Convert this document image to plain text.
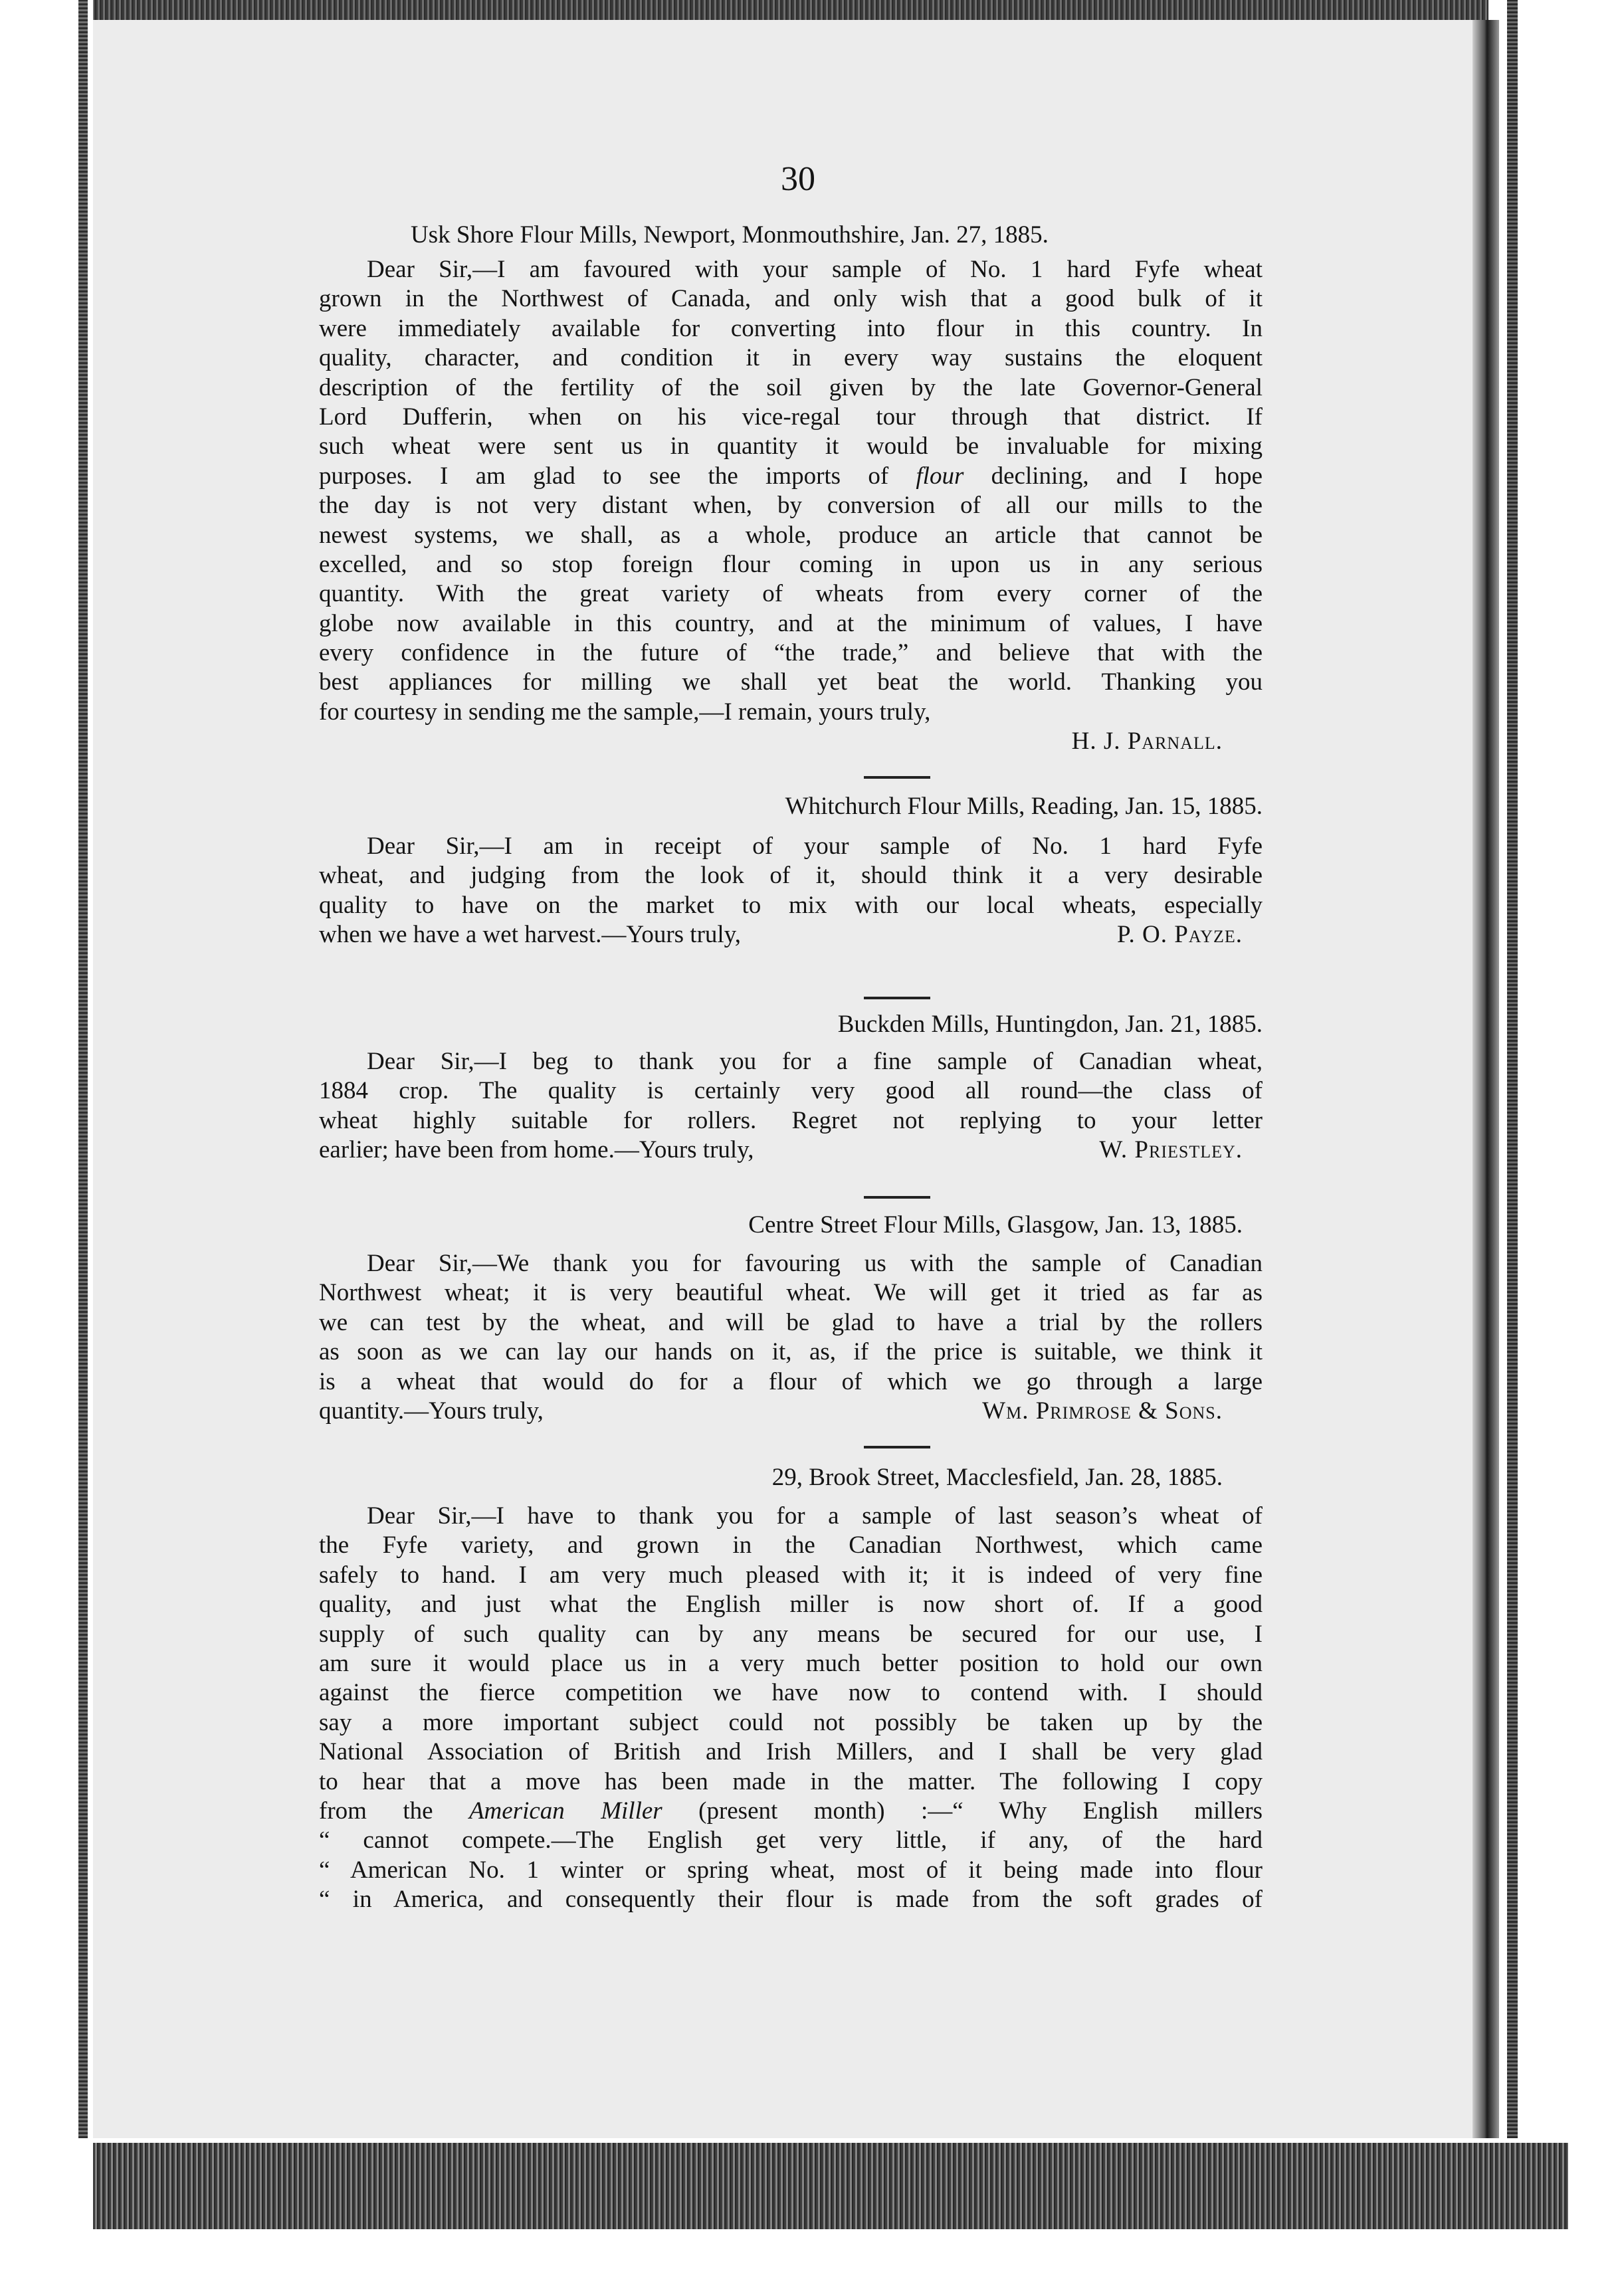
30
Usk Shore Flour Mills, Newport, Monmouthshire, Jan. 27, 1885.
Dear Sir,—I am favoured with your sample of No. 1 hard Fyfe wheat
grown in the Northwest of Canada, and only wish that a good bulk of it
were immediately available for converting into flour in this country. In
quality, character, and condition it in every way sustains the eloquent
description of the fertility of the soil given by the late Governor-General
Lord Dufferin, when on his vice-regal tour through that district. If
such wheat were sent us in quantity it would be invaluable for mixing
purposes. I am glad to see the imports of flour declining, and I hope
the day is not very distant when, by conversion of all our mills to the
newest systems, we shall, as a whole, produce an article that cannot be
excelled, and so stop foreign flour coming in upon us in any serious
quantity. With the great variety of wheats from every corner of the
globe now available in this country, and at the minimum of values, I have
every confidence in the future of “the trade,” and believe that with the
best appliances for milling we shall yet beat the world. Thanking you
for courtesy in sending me the sample,—I remain, yours truly,
H. J. Parnall.
Whitchurch Flour Mills, Reading, Jan. 15, 1885.
Dear Sir,—I am in receipt of your sample of No. 1 hard Fyfe
wheat, and judging from the look of it, should think it a very desirable
quality to have on the market to mix with our local wheats, especially
when we have a wet harvest.—Yours truly,	P. O. Payze.
Buckden Mills, Huntingdon, Jan. 21, 1885.
Dear Sir,—I beg to thank you for a fine sample of Canadian wheat,
1884 crop. The quality is certainly very good all round—the class of
wheat highly suitable for rollers. Regret not replying to your letter
earlier; have been from home.—Yours truly,	W. Priestley.
Centre Street Flour Mills, Glasgow, Jan. 13, 1885.
Dear Sir,—We thank you for favouring us with the sample of Canadian
Northwest wheat; it is very beautiful wheat. We will get it tried as far as
we can test by the wheat, and will be glad to have a trial by the rollers
as soon as we can lay our hands on it, as, if the price is suitable, we think it
is a wheat that would do for a flour of which we go through a large
quantity.—Yours truly,	Wm. Primrose & Sons.
29, Brook Street, Macclesfield, Jan. 28, 1885.
Dear Sir,—I have to thank you for a sample of last season’s wheat of
the Fyfe variety, and grown in the Canadian Northwest, which came
safely to hand. I am very much pleased with it; it is indeed of very fine
quality, and just what the English miller is now short of. If a good
supply of such quality can by any means be secured for our use, I
am sure it would place us in a very much better position to hold our own
against the fierce competition we have now to contend with. I should
say a more important subject could not possibly be taken up by the
National Association of British and Irish Millers, and I shall be very glad
to hear that a move has been made in the matter. The following I copy
from the American Miller (present month) :—“ Why English millers
“ cannot compete.—The English get very little, if any, of the hard
“ American No. 1 winter or spring wheat, most of it being made into flour
“ in America, and consequently their flour is made from the soft grades of
